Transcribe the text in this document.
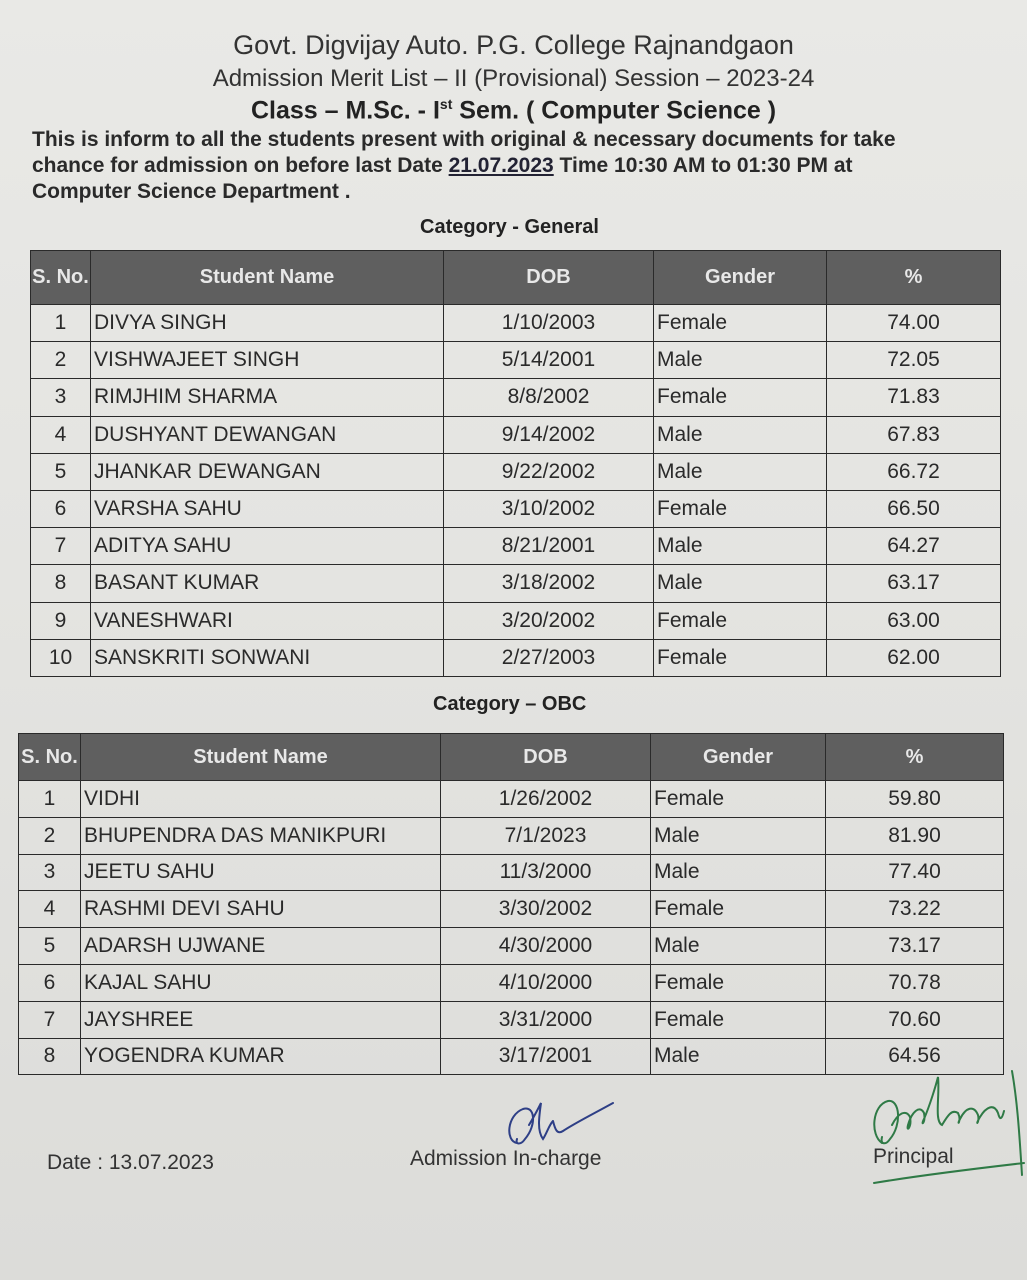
Govt. Digvijay Auto. P.G. College Rajnandgaon
Admission Merit List – II (Provisional) Session – 2023-24
Class – M.Sc. - Ist Sem. ( Computer Science )
This is inform to all the students present with original & necessary documents for take
chance for admission on before last Date 21.07.2023 Time 10:30 AM to 01:30 PM at
Computer Science Department .
Category - General
S. No.	Student Name	DOB	Gender	%
1	DIVYA SINGH	1/10/2003	Female	74.00
2	VISHWAJEET SINGH	5/14/2001	Male	72.05
3	RIMJHIM SHARMA	8/8/2002	Female	71.83
4	DUSHYANT DEWANGAN	9/14/2002	Male	67.83
5	JHANKAR DEWANGAN	9/22/2002	Male	66.72
6	VARSHA SAHU	3/10/2002	Female	66.50
7	ADITYA SAHU	8/21/2001	Male	64.27
8	BASANT KUMAR	3/18/2002	Male	63.17
9	VANESHWARI	3/20/2002	Female	63.00
10	SANSKRITI SONWANI	2/27/2003	Female	62.00
Category – OBC
S. No.	Student Name	DOB	Gender	%
1	VIDHI	1/26/2002	Female	59.80
2	BHUPENDRA DAS MANIKPURI	7/1/2023	Male	81.90
3	JEETU SAHU	11/3/2000	Male	77.40
4	RASHMI DEVI SAHU	3/30/2002	Female	73.22
5	ADARSH UJWANE	4/30/2000	Male	73.17
6	KAJAL SAHU	4/10/2000	Female	70.78
7	JAYSHREE	3/31/2000	Female	70.60
8	YOGENDRA KUMAR	3/17/2001	Male	64.56
Date : 13.07.2023	Admission In-charge	Principal
